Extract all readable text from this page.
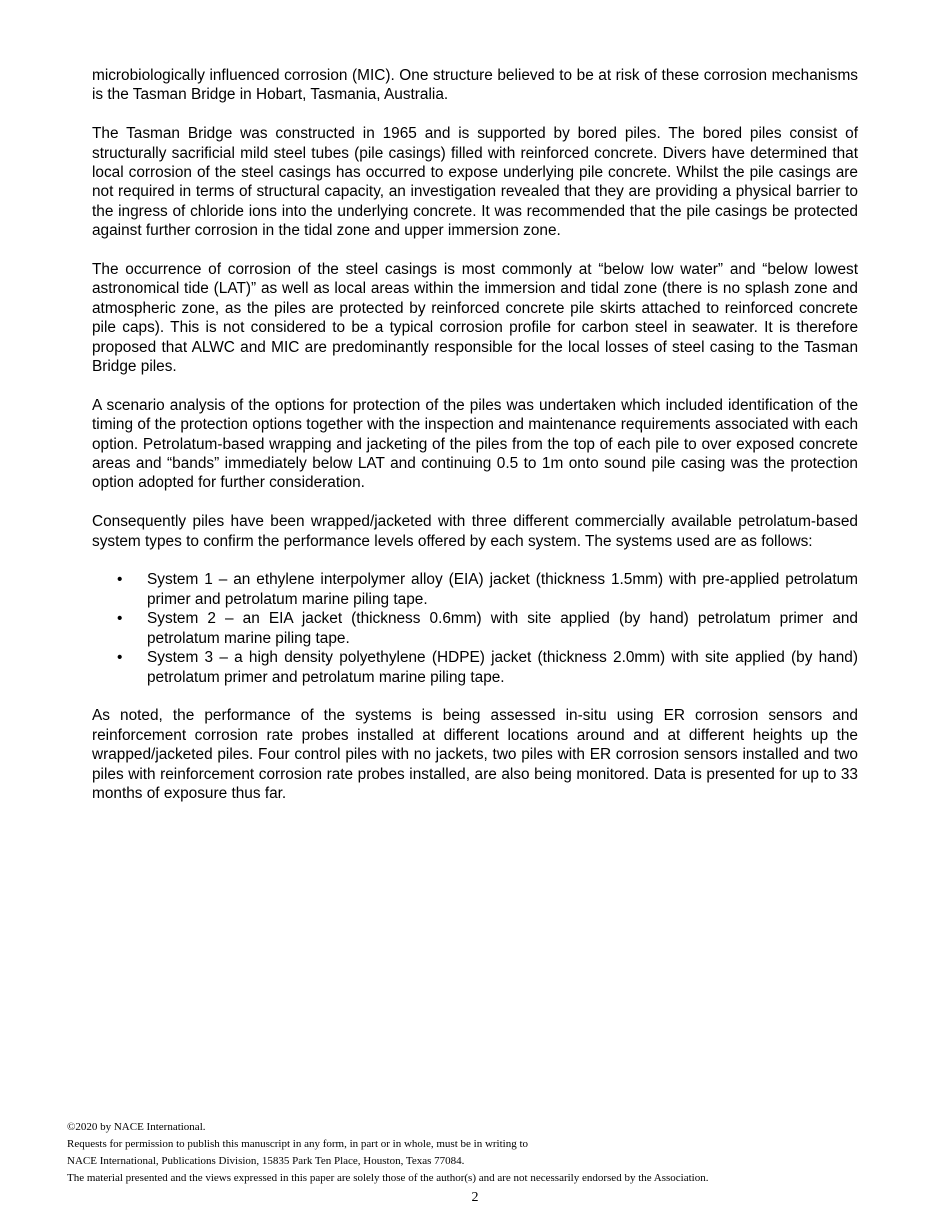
microbiologically influenced corrosion (MIC). One structure believed to be at risk of these corrosion mechanisms is the Tasman Bridge in Hobart, Tasmania, Australia.

The Tasman Bridge was constructed in 1965 and is supported by bored piles. The bored piles consist of structurally sacrificial mild steel tubes (pile casings) filled with reinforced concrete. Divers have determined that local corrosion of the steel casings has occurred to expose underlying pile concrete. Whilst the pile casings are not required in terms of structural capacity, an investigation revealed that they are providing a physical barrier to the ingress of chloride ions into the underlying concrete. It was recommended that the pile casings be protected against further corrosion in the tidal zone and upper immersion zone.

The occurrence of corrosion of the steel casings is most commonly at “below low water” and “below lowest astronomical tide (LAT)” as well as local areas within the immersion and tidal zone (there is no splash zone and atmospheric zone, as the piles are protected by reinforced concrete pile skirts attached to reinforced concrete pile caps). This is not considered to be a typical corrosion profile for carbon steel in seawater. It is therefore proposed that ALWC and MIC are predominantly responsible for the local losses of steel casing to the Tasman Bridge piles.

A scenario analysis of the options for protection of the piles was undertaken which included identification of the timing of the protection options together with the inspection and maintenance requirements associated with each option. Petrolatum-based wrapping and jacketing of the piles from the top of each pile to over exposed concrete areas and “bands” immediately below LAT and continuing 0.5 to 1m onto sound pile casing was the protection option adopted for further consideration.

Consequently piles have been wrapped/jacketed with three different commercially available petrolatum-based system types to confirm the performance levels offered by each system. The systems used are as follows:

• System 1 – an ethylene interpolymer alloy (EIA) jacket (thickness 1.5mm) with pre-applied petrolatum primer and petrolatum marine piling tape.
• System 2 – an EIA jacket (thickness 0.6mm) with site applied (by hand) petrolatum primer and petrolatum marine piling tape.
• System 3 – a high density polyethylene (HDPE) jacket (thickness 2.0mm) with site applied (by hand) petrolatum primer and petrolatum marine piling tape.

As noted, the performance of the systems is being assessed in-situ using ER corrosion sensors and reinforcement corrosion rate probes installed at different locations around and at different heights up the wrapped/jacketed piles. Four control piles with no jackets, two piles with ER corrosion sensors installed and two piles with reinforcement corrosion rate probes installed, are also being monitored. Data is presented for up to 33 months of exposure thus far.

©2020 by NACE International.
Requests for permission to publish this manuscript in any form, in part or in whole, must be in writing to
NACE International, Publications Division, 15835 Park Ten Place, Houston, Texas 77084.
The material presented and the views expressed in this paper are solely those of the author(s) and are not necessarily endorsed by the Association.
2
